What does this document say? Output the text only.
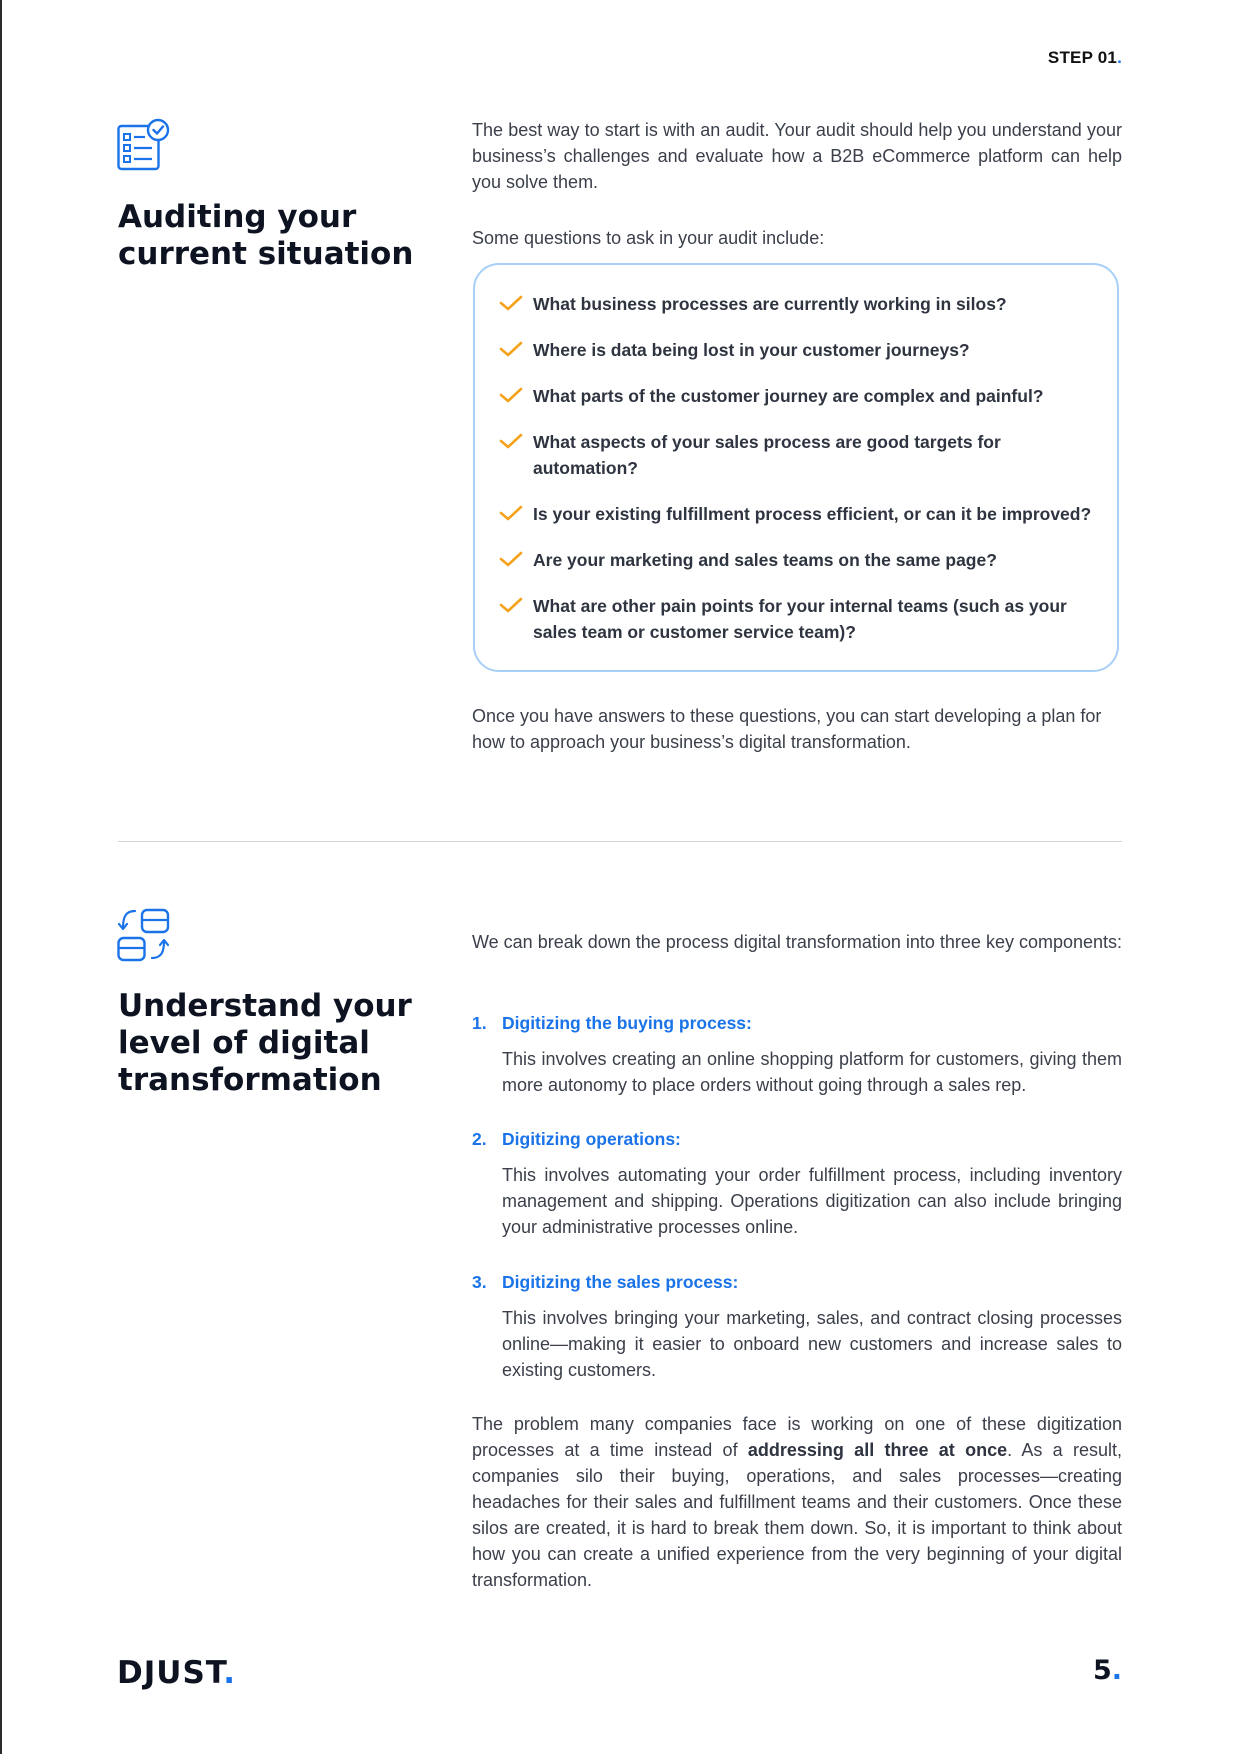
STEP 01.
Auditing your current situation

The best way to start is with an audit. Your audit should help you understand your business’s challenges and evaluate how a B2B eCommerce platform can help you solve them.

Some questions to ask in your audit include:

What business processes are currently working in silos?
Where is data being lost in your customer journeys?
What parts of the customer journey are complex and painful?
What aspects of your sales process are good targets for automation?
Is your existing fulfillment process efficient, or can it be improved?
Are your marketing and sales teams on the same page?
What are other pain points for your internal teams (such as your sales team or customer service team)?

Once you have answers to these questions, you can start developing a plan for how to approach your business’s digital transformation.

Understand your level of digital transformation

We can break down the process digital transformation into three key components:

1. Digitizing the buying process:
This involves creating an online shopping platform for customers, giving them more autonomy to place orders without going through a sales rep.
2. Digitizing operations:
This involves automating your order fulfillment process, including inventory management and shipping. Operations digitization can also include bringing your administrative processes online.
3. Digitizing the sales process:
This involves bringing your marketing, sales, and contract closing processes online—making it easier to onboard new customers and increase sales to existing customers.

The problem many companies face is working on one of these digitization processes at a time instead of addressing all three at once. As a result, companies silo their buying, operations, and sales processes—creating headaches for their sales and fulfillment teams and their customers. Once these silos are created, it is hard to break them down. So, it is important to think about how you can create a unified experience from the very beginning of your digital transformation.

DJUST.	5.
